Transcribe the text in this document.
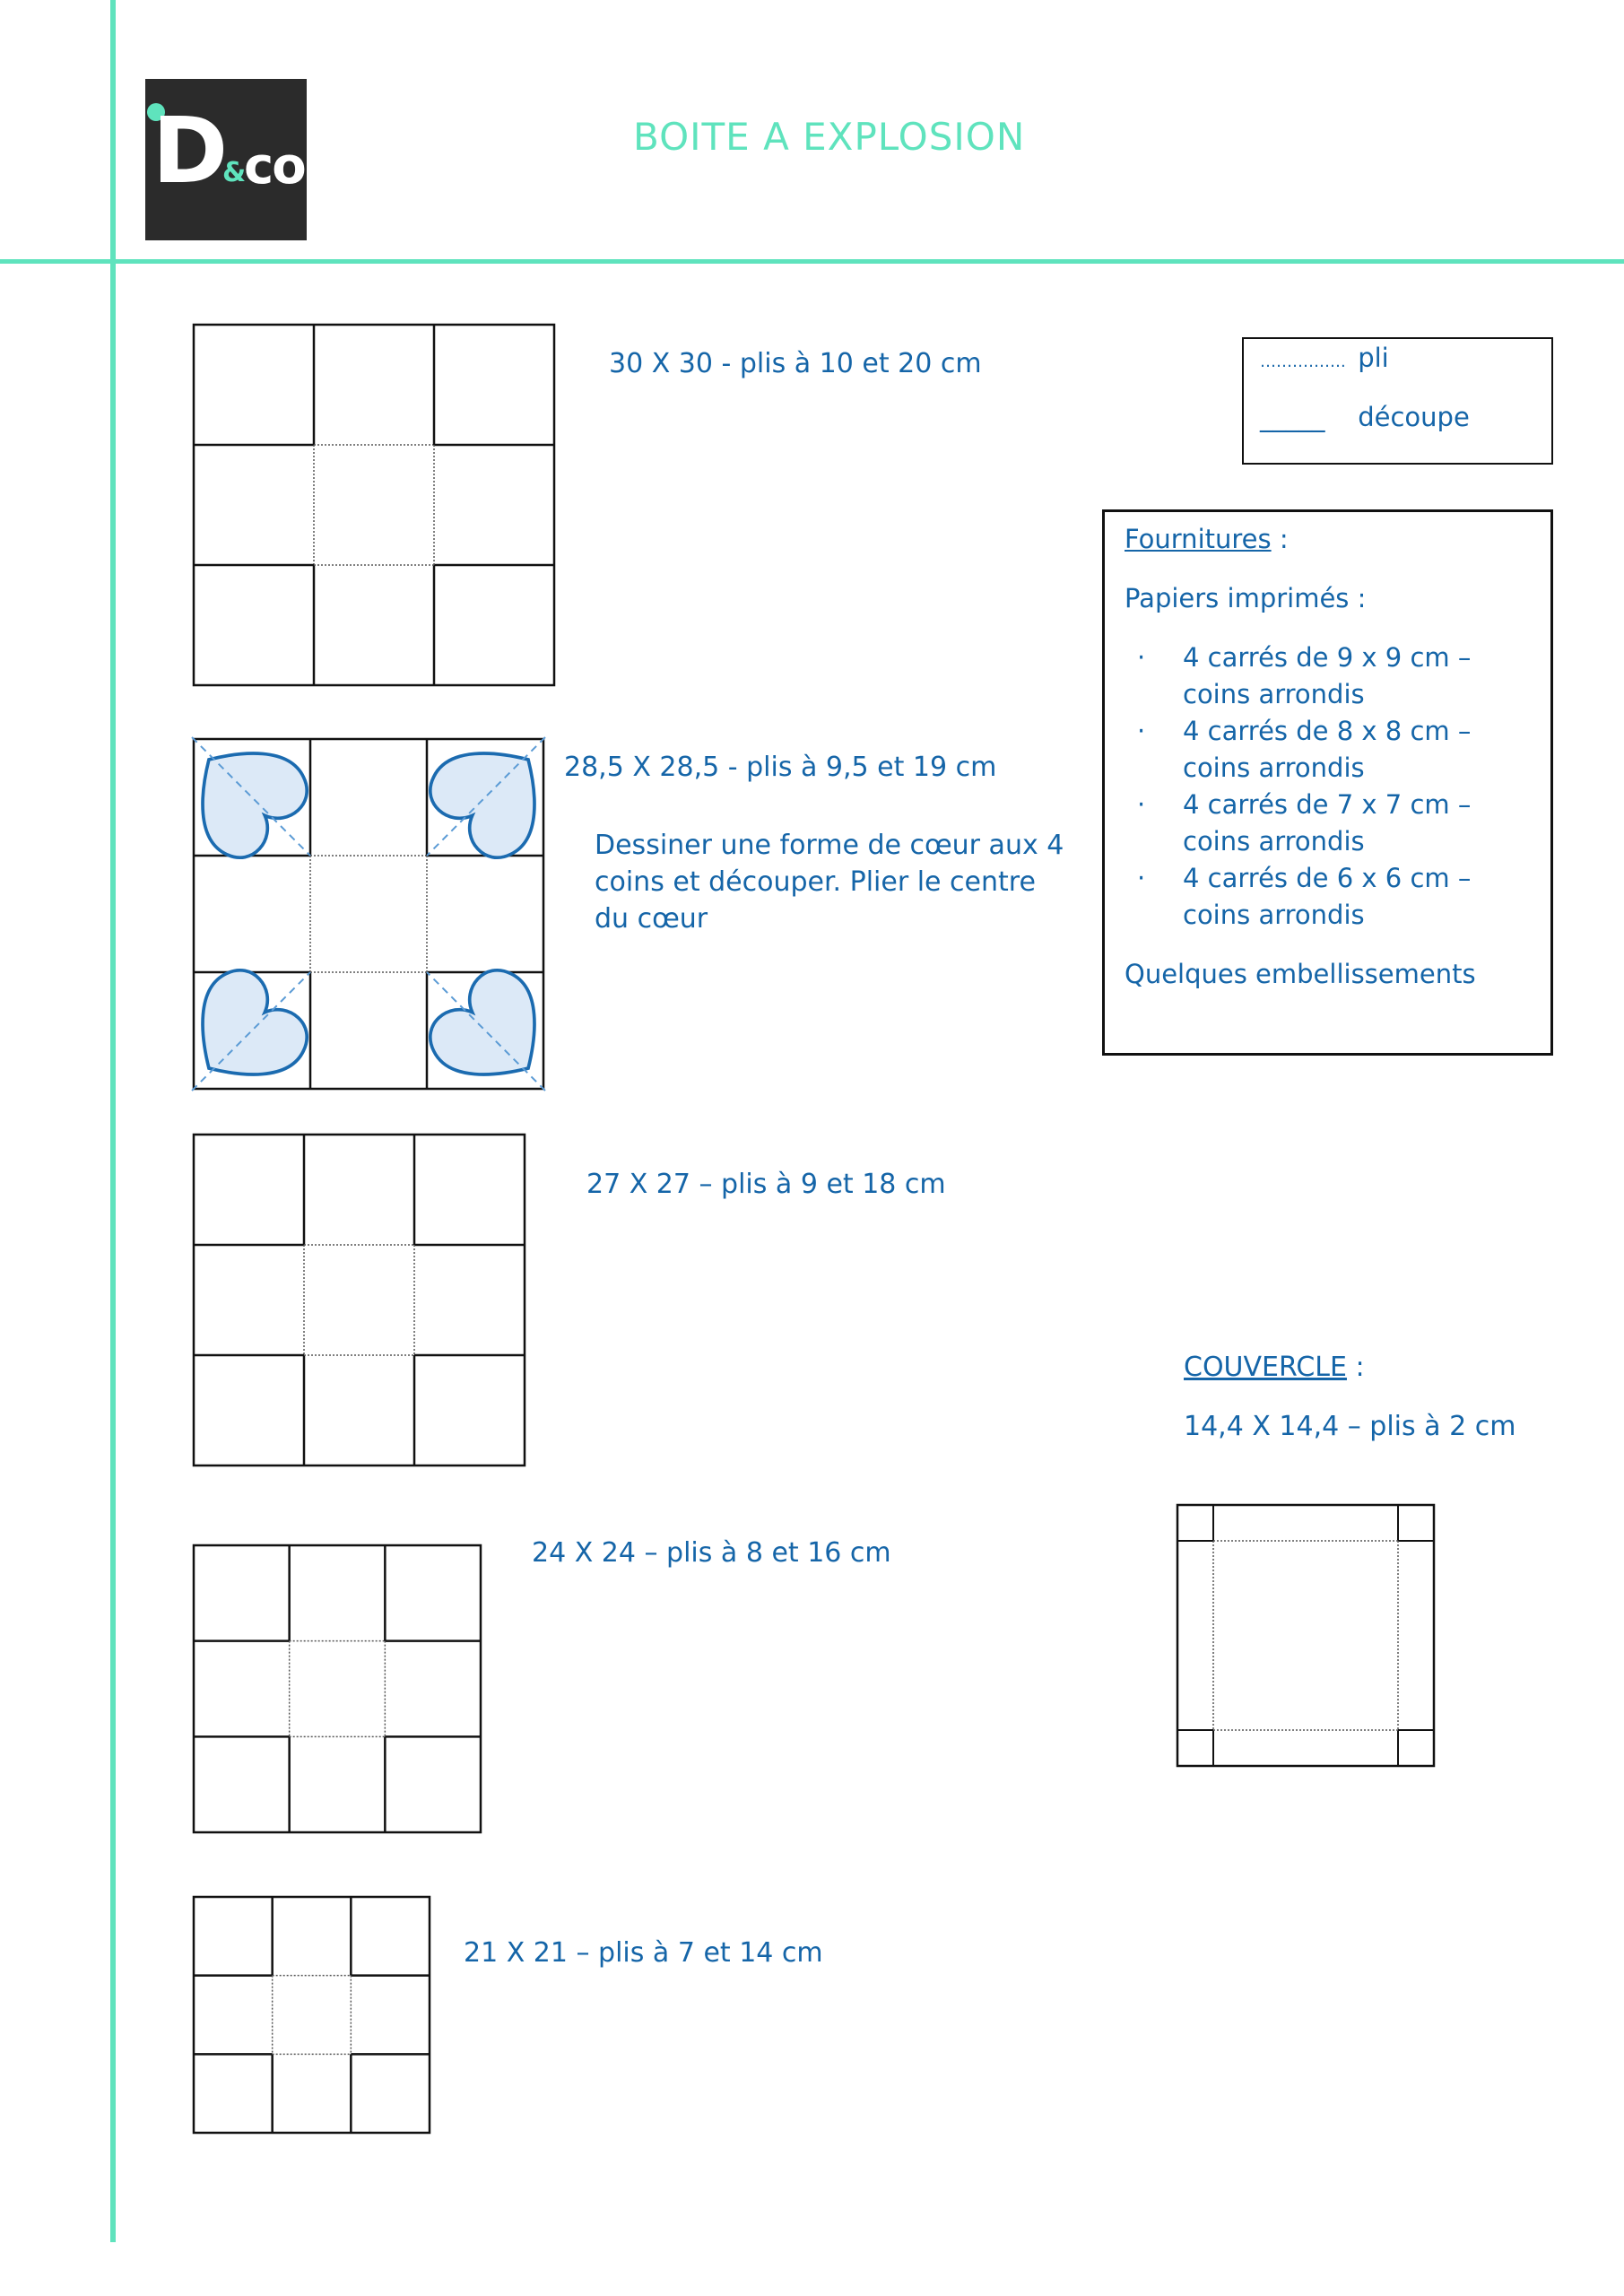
D
&
co
BOITE A EXPLOSION
……………. pli
_____ découpe
Fournitures :
Papiers imprimés :
· 4 carrés de 9 x 9 cm –
coins arrondis
· 4 carrés de 8 x 8 cm –
coins arrondis
· 4 carrés de 7 x 7 cm –
coins arrondis
· 4 carrés de 6 x 6 cm –
coins arrondis
Quelques embellissements
30 X 30 - plis à 10 et 20 cm
28,5 X 28,5 - plis à 9,5 et 19 cm
Dessiner une forme de cœur aux 4
coins et découper. Plier le centre
du cœur
27 X 27 – plis à 9 et 18 cm
24 X 24 – plis à 8 et 16 cm
21 X 21 – plis à 7 et 14 cm
COUVERCLE :
14,4 X 14,4 – plis à 2 cm
